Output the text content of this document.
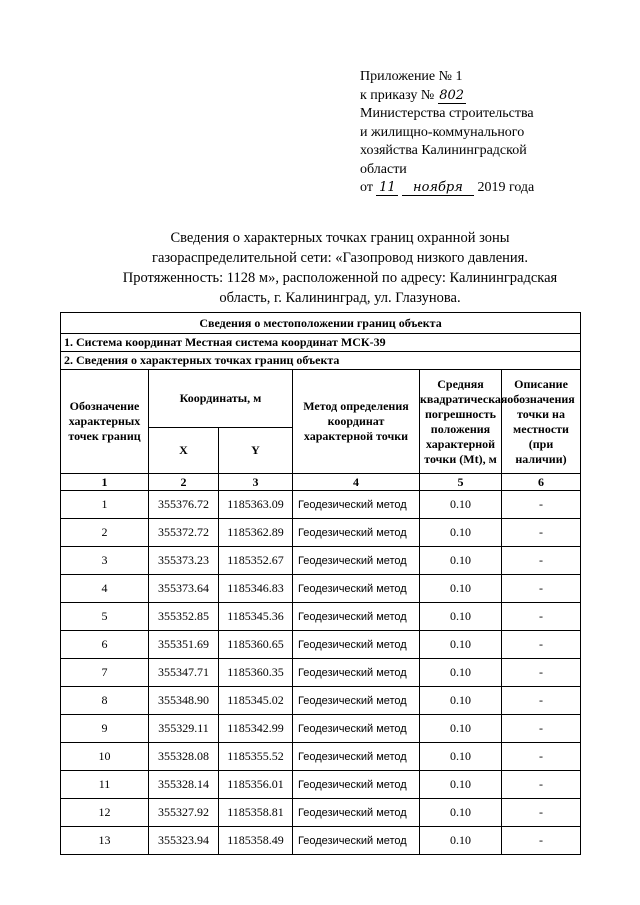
Приложение № 1
к приказу № 802
Министерства строительства
и жилищно-коммунального
хозяйства Калининградской
области
от 11 ноября 2019 года
Сведения о характерных точках границ охранной зоны
газораспределительной сети: «Газопровод низкого давления.
Протяженность: 1128 м», расположенной по адресу: Калининградская
область, г. Калининград, ул. Глазунова.
Сведения о местоположении границ объекта					
1. Система координат Местная система координат МСК-39					
2. Сведения о характерных точках границ объекта					
Обозначение характерных точек границ	Координаты, м		Метод определения координат характерной точки	Средняя квадратическая погрешность положения характерной точки (Mt), м	Описание обозначения точки на местности (при наличии)
	X	Y			
1	2	3	4	5	6
1	355376.72	1185363.09	Геодезический метод	0.10	-
2	355372.72	1185362.89	Геодезический метод	0.10	-
3	355373.23	1185352.67	Геодезический метод	0.10	-
4	355373.64	1185346.83	Геодезический метод	0.10	-
5	355352.85	1185345.36	Геодезический метод	0.10	-
6	355351.69	1185360.65	Геодезический метод	0.10	-
7	355347.71	1185360.35	Геодезический метод	0.10	-
8	355348.90	1185345.02	Геодезический метод	0.10	-
9	355329.11	1185342.99	Геодезический метод	0.10	-
10	355328.08	1185355.52	Геодезический метод	0.10	-
11	355328.14	1185356.01	Геодезический метод	0.10	-
12	355327.92	1185358.81	Геодезический метод	0.10	-
13	355323.94	1185358.49	Геодезический метод	0.10	-
